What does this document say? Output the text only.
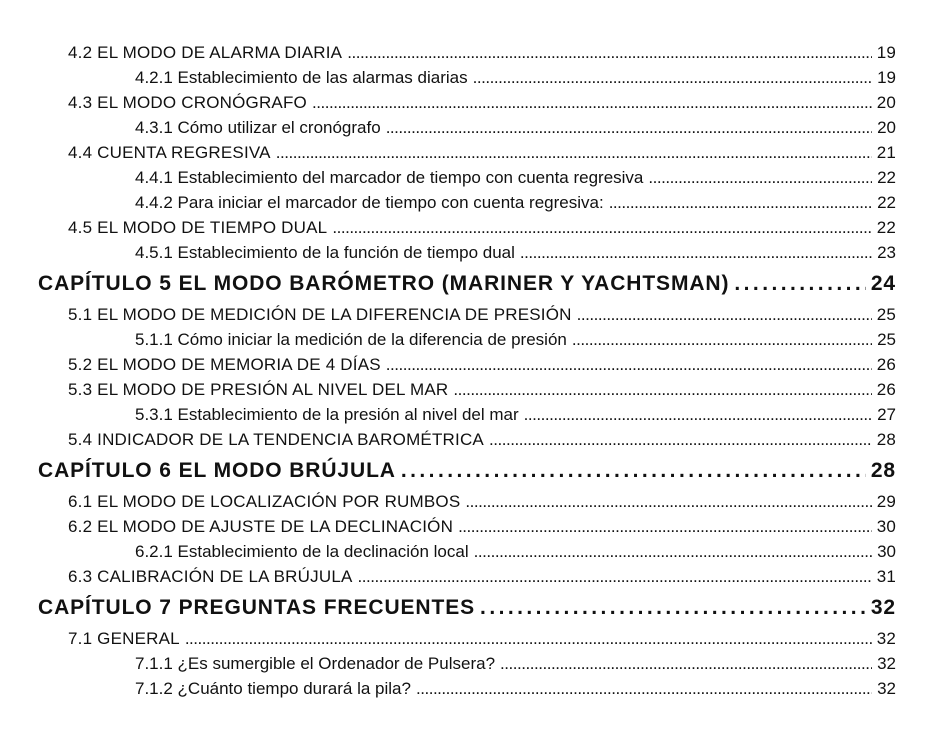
4.2 EL MODO DE ALARMA DIARIA . . .	19
4.2.1 Establecimiento de las alarmas diarias . . .	19
4.3 EL MODO CRONÓGRAFO . . .	20
4.3.1 Cómo utilizar el cronógrafo . . .	20
4.4 CUENTA REGRESIVA . . .	21
4.4.1 Establecimiento del marcador de tiempo con cuenta regresiva . . .	22
4.4.2 Para iniciar el marcador de tiempo con cuenta regresiva: . . .	22
4.5 EL MODO DE TIEMPO DUAL . . .	22
4.5.1 Establecimiento de la función de tiempo dual . . .	23
CAPÍTULO 5 EL MODO BARÓMETRO (MARINER Y YACHTSMAN) . . .	24
5.1 EL MODO DE MEDICIÓN DE LA DIFERENCIA DE PRESIÓN . . .	25
5.1.1 Cómo iniciar la medición de la diferencia de presión . . .	25
5.2 EL MODO DE MEMORIA DE 4 DÍAS . . .	26
5.3 EL MODO DE PRESIÓN AL NIVEL DEL MAR . . .	26
5.3.1 Establecimiento de la presión al nivel del mar . . .	27
5.4 INDICADOR DE LA TENDENCIA BAROMÉTRICA . . .	28
CAPÍTULO 6 EL MODO BRÚJULA . . .	28
6.1 EL MODO DE LOCALIZACIÓN POR RUMBOS . . .	29
6.2 EL MODO DE AJUSTE DE LA DECLINACIÓN . . .	30
6.2.1 Establecimiento de la declinación local . . .	30
6.3 CALIBRACIÓN DE LA BRÚJULA . . .	31
CAPÍTULO 7 PREGUNTAS FRECUENTES . . .	32
7.1 GENERAL . . .	32
7.1.1 ¿Es sumergible el Ordenador de Pulsera? . . .	32
7.1.2 ¿Cuánto tiempo durará la pila? . . .	32
